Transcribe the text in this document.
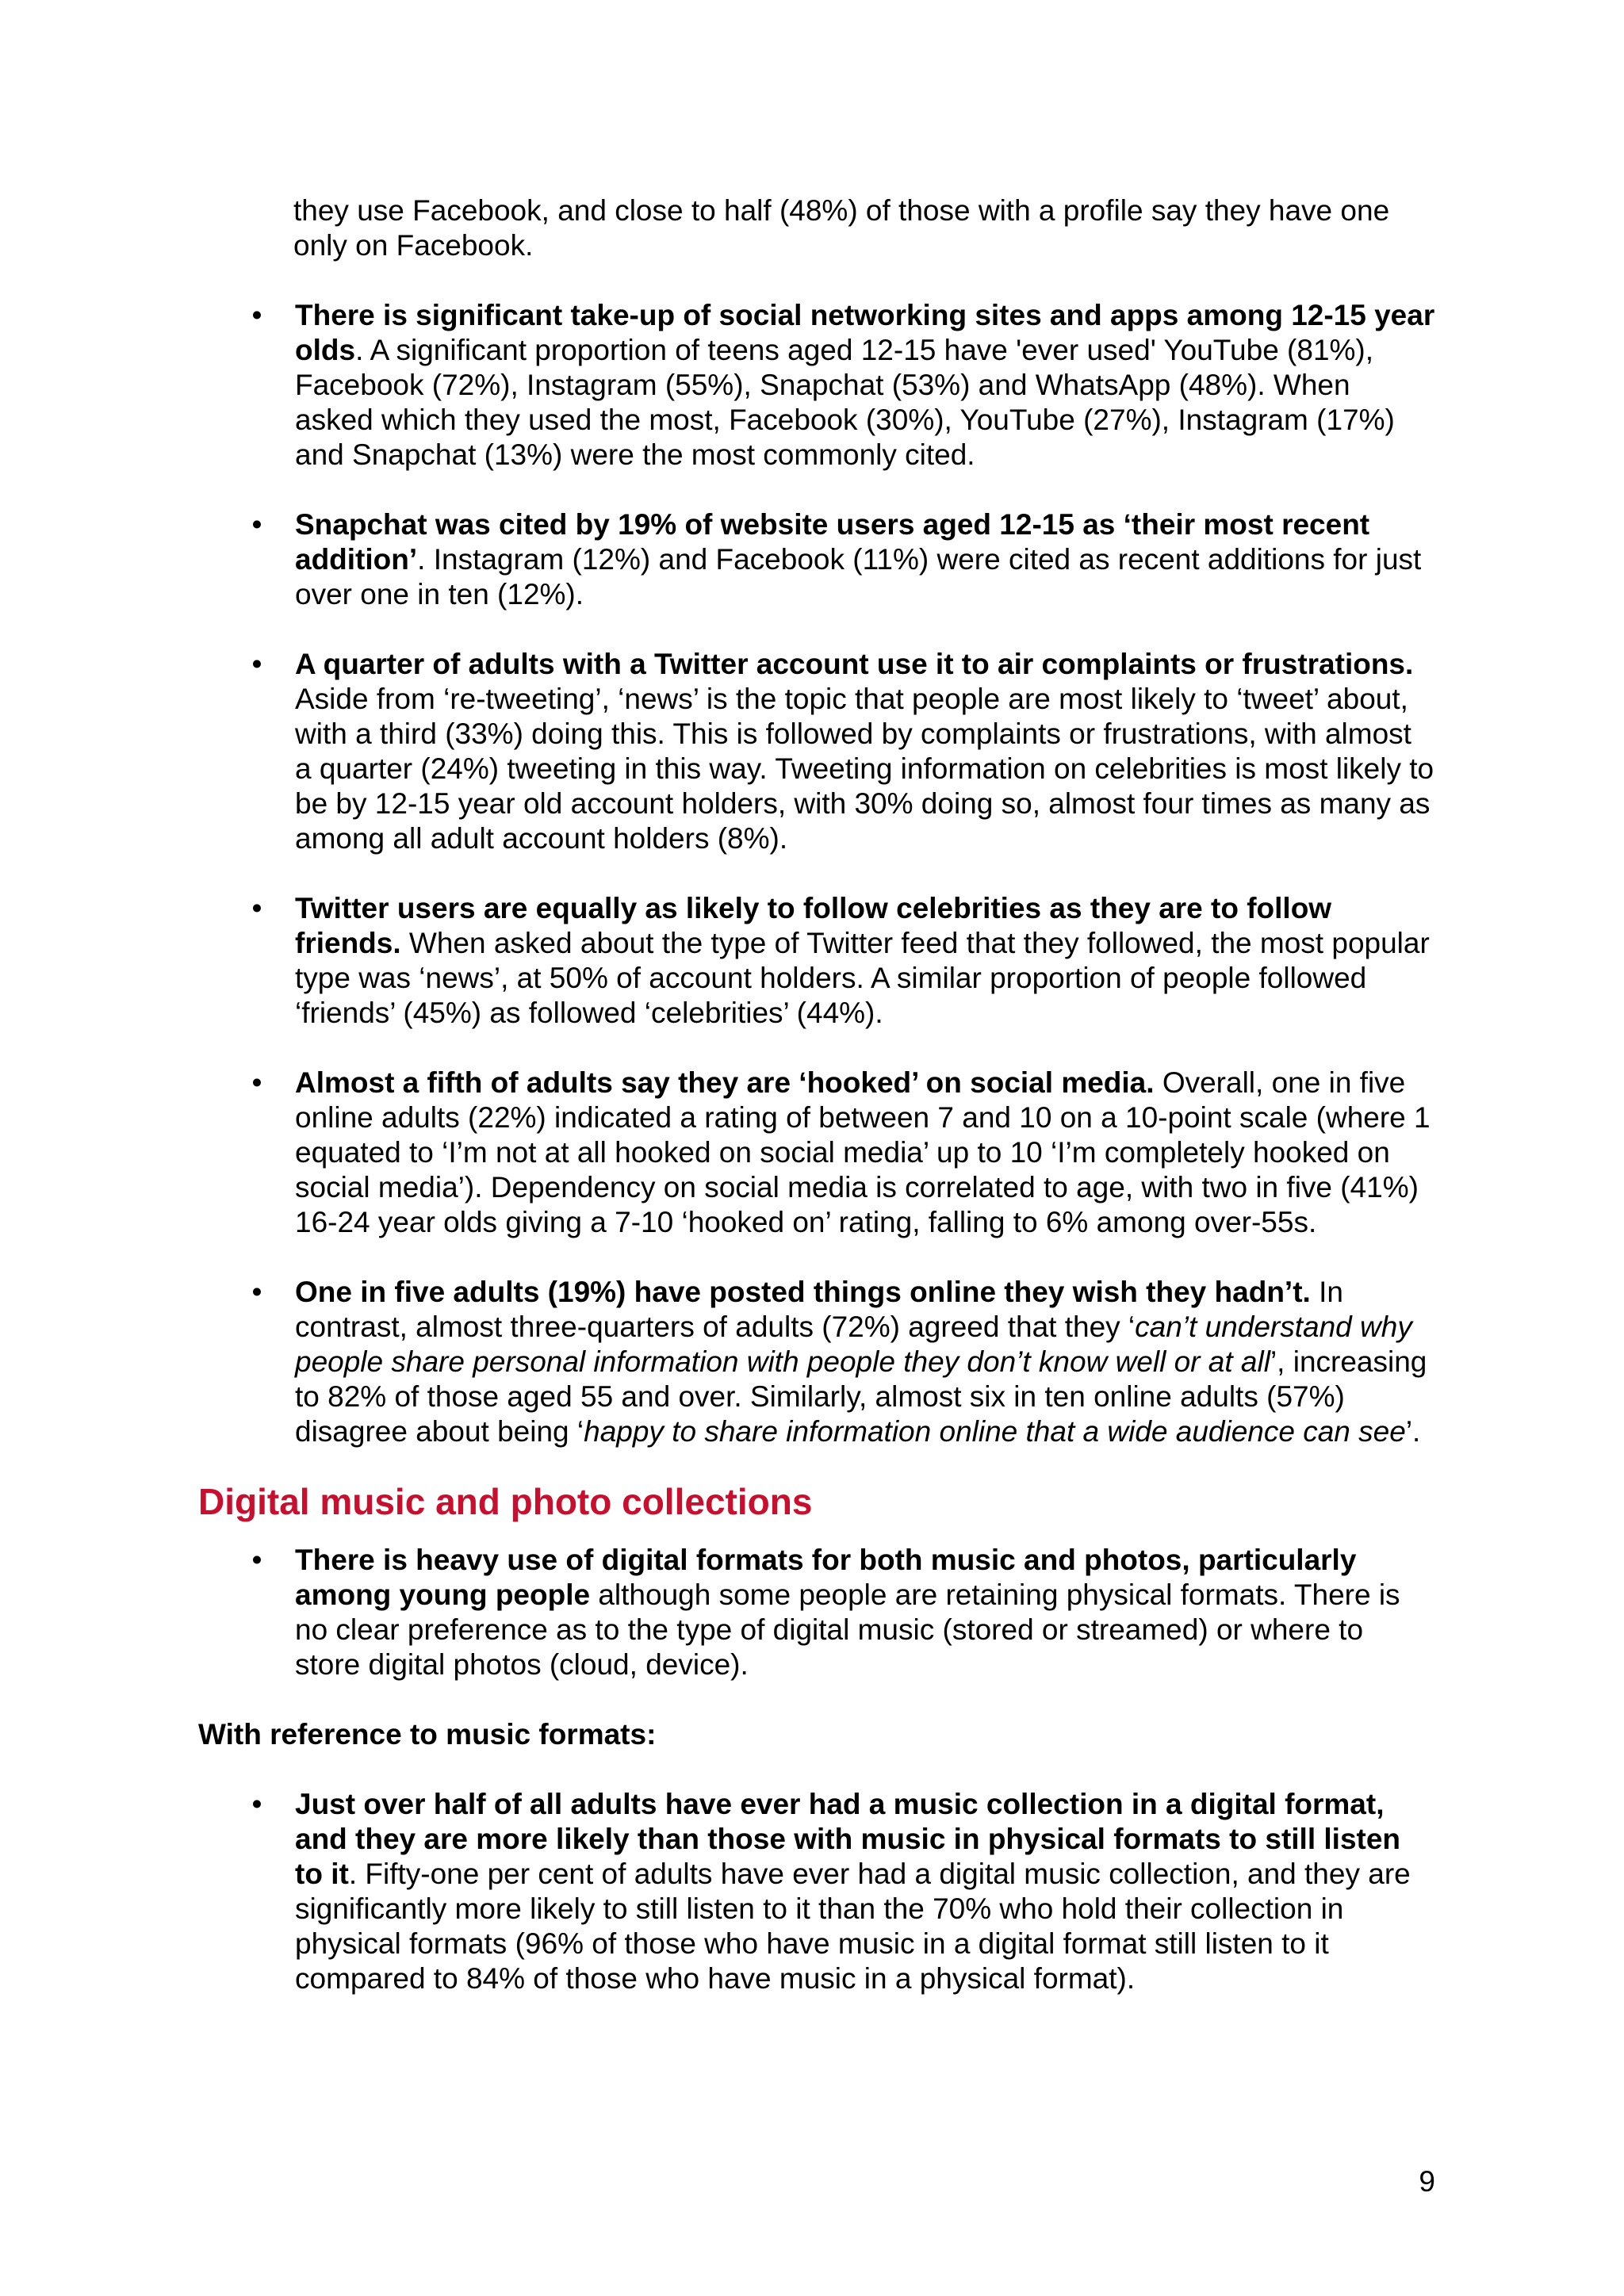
they use Facebook, and close to half (48%) of those with a profile say they have one only on Facebook.

• There is significant take-up of social networking sites and apps among 12-15 year olds. A significant proportion of teens aged 12-15 have 'ever used' YouTube (81%), Facebook (72%), Instagram (55%), Snapchat (53%) and WhatsApp (48%). When asked which they used the most, Facebook (30%), YouTube (27%), Instagram (17%) and Snapchat (13%) were the most commonly cited.
• Snapchat was cited by 19% of website users aged 12-15 as ‘their most recent addition’. Instagram (12%) and Facebook (11%) were cited as recent additions for just over one in ten (12%).
• A quarter of adults with a Twitter account use it to air complaints or frustrations. Aside from ‘re-tweeting’, ‘news’ is the topic that people are most likely to ‘tweet’ about, with a third (33%) doing this. This is followed by complaints or frustrations, with almost a quarter (24%) tweeting in this way. Tweeting information on celebrities is most likely to be by 12-15 year old account holders, with 30% doing so, almost four times as many as among all adult account holders (8%).
• Twitter users are equally as likely to follow celebrities as they are to follow friends. When asked about the type of Twitter feed that they followed, the most popular type was ‘news’, at 50% of account holders. A similar proportion of people followed ‘friends’ (45%) as followed ‘celebrities’ (44%).
• Almost a fifth of adults say they are ‘hooked’ on social media. Overall, one in five online adults (22%) indicated a rating of between 7 and 10 on a 10-point scale (where 1 equated to ‘I’m not at all hooked on social media’ up to 10 ‘I’m completely hooked on social media’). Dependency on social media is correlated to age, with two in five (41%) 16-24 year olds giving a 7-10 ‘hooked on’ rating, falling to 6% among over-55s.
• One in five adults (19%) have posted things online they wish they hadn’t. In contrast, almost three-quarters of adults (72%) agreed that they ‘can’t understand why people share personal information with people they don’t know well or at all’, increasing to 82% of those aged 55 and over. Similarly, almost six in ten online adults (57%) disagree about being ‘happy to share information online that a wide audience can see’.
Digital music and photo collections
• There is heavy use of digital formats for both music and photos, particularly among young people although some people are retaining physical formats. There is no clear preference as to the type of digital music (stored or streamed) or where to store digital photos (cloud, device).

With reference to music formats:

• Just over half of all adults have ever had a music collection in a digital format, and they are more likely than those with music in physical formats to still listen to it. Fifty-one per cent of adults have ever had a digital music collection, and they are significantly more likely to still listen to it than the 70% who hold their collection in physical formats (96% of those who have music in a digital format still listen to it compared to 84% of those who have music in a physical format).
9
